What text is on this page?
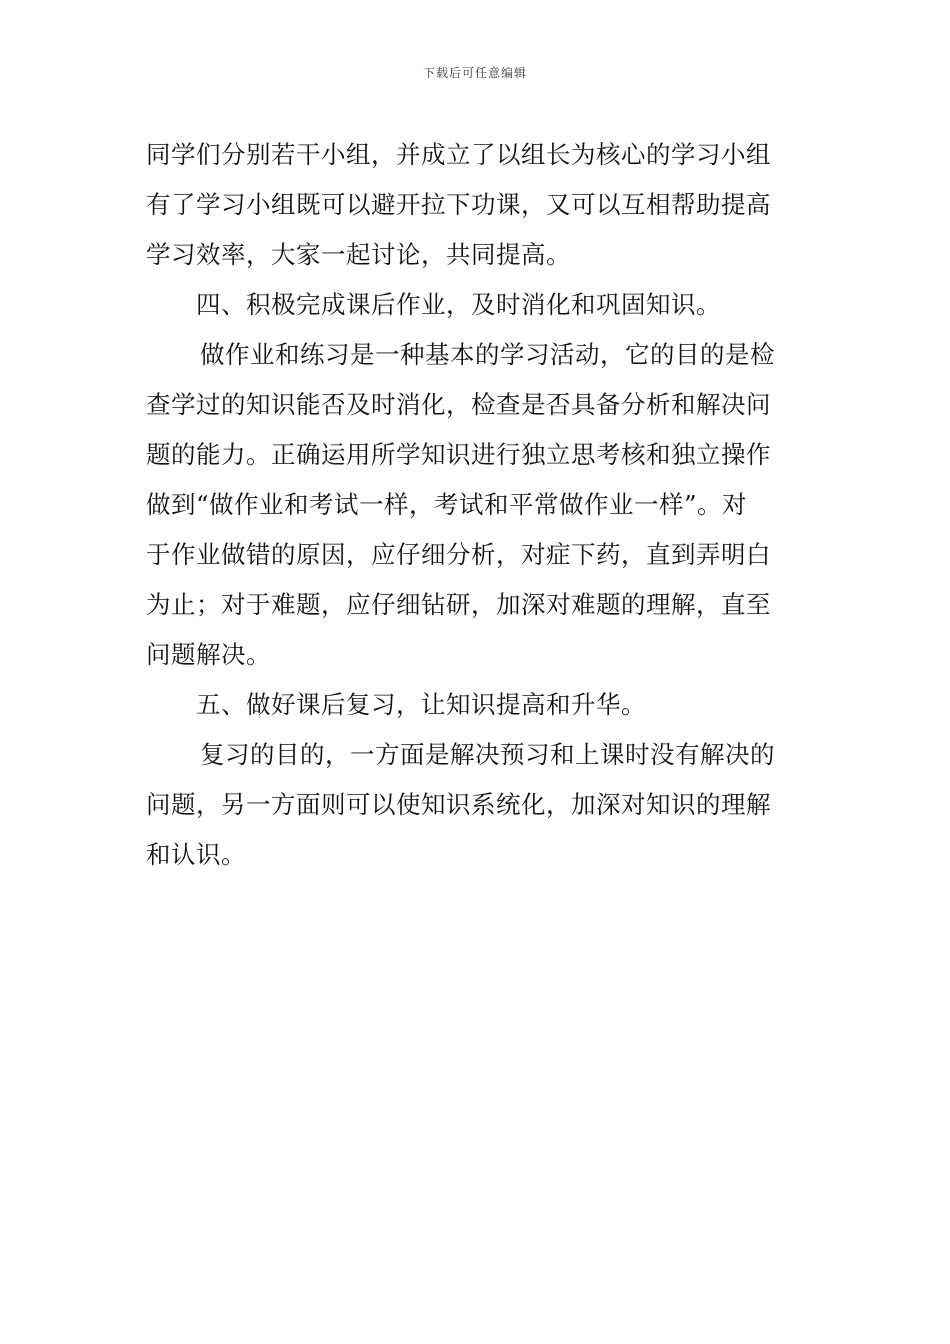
下载后可任意编辑
同学们分别若干小组，并成立了以组长为核心的学习小组
有了学习小组既可以避开拉下功课，又可以互相帮助提高
学习效率，大家一起讨论，共同提高。
四、积极完成课后作业，及时消化和巩固知识。
做作业和练习是一种基本的学习活动，它的目的是检
查学过的知识能否及时消化，检查是否具备分析和解决问
题的能力。正确运用所学知识进行独立思考核和独立操作
做到“做作业和考试一样，考试和平常做作业一样”。对
于作业做错的原因，应仔细分析，对症下药，直到弄明白
为止；对于难题，应仔细钻研，加深对难题的理解，直至
问题解决。
五、做好课后复习，让知识提高和升华。
复习的目的，一方面是解决预习和上课时没有解决的
问题，另一方面则可以使知识系统化，加深对知识的理解
和认识。
